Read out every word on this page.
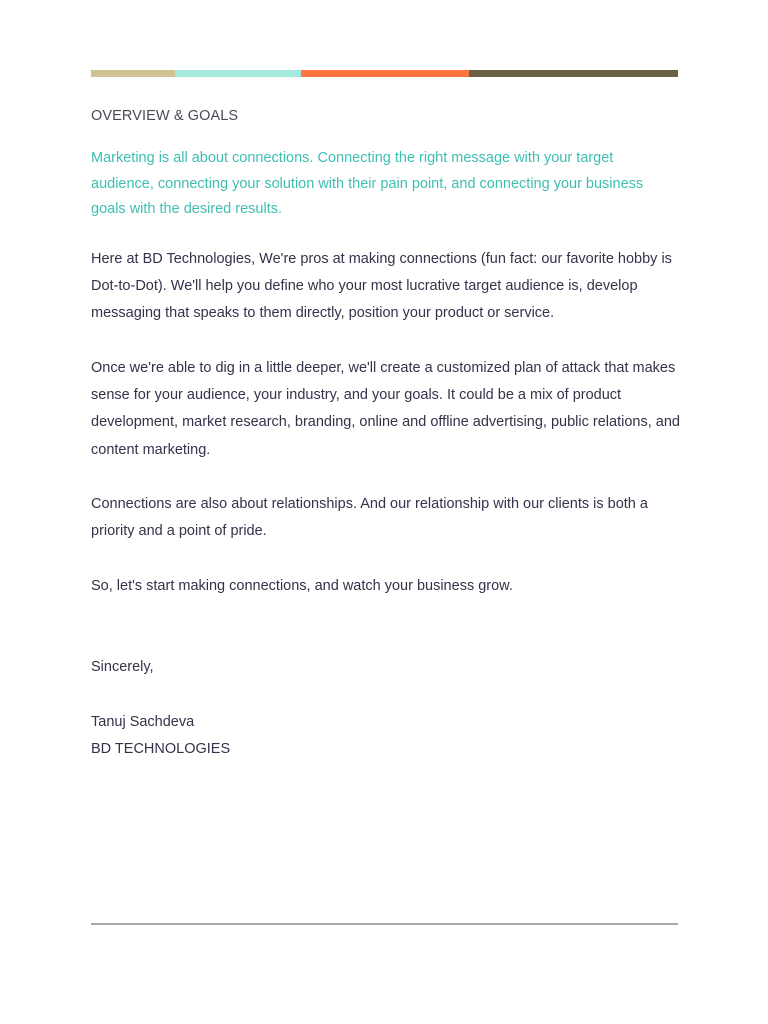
OVERVIEW & GOALS

Marketing is all about connections. Connecting the right message with your target audience, connecting your solution with their pain point, and connecting your business goals with the desired results.

Here at BD Technologies, We're pros at making connections (fun fact: our favorite hobby is Dot-to-Dot). We'll help you define who your most lucrative target audience is, develop messaging that speaks to them directly, position your product or service.

Once we're able to dig in a little deeper, we'll create a customized plan of attack that makes sense for your audience, your industry, and your goals. It could be a mix of product development, market research, branding, online and offline advertising, public relations, and content marketing.

Connections are also about relationships. And our relationship with our clients is both a priority and a point of pride.

So, let's start making connections, and watch your business grow.

Sincerely,

Tanuj Sachdeva

BD TECHNOLOGIES
